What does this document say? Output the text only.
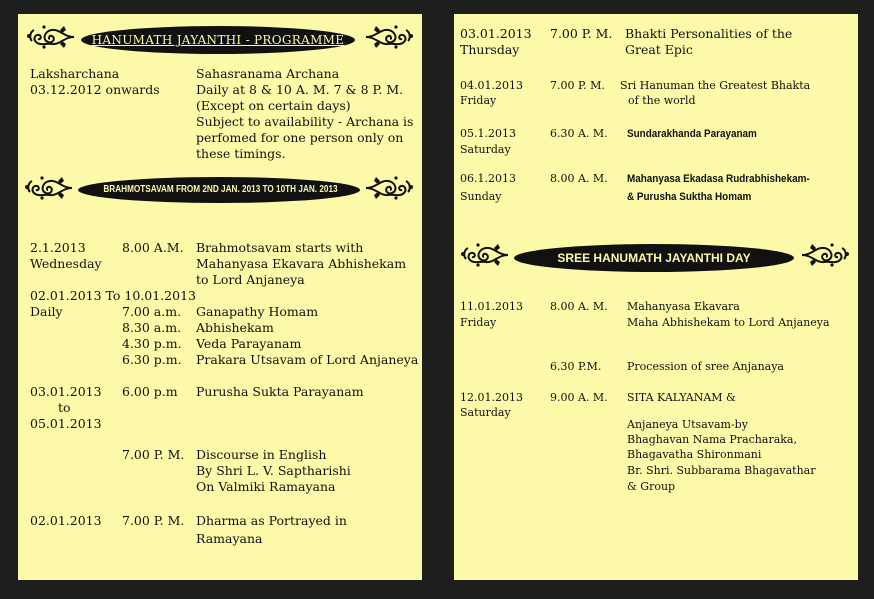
HANUMATH JAYANTHI - PROGRAMME
Laksharchana
03.12.2012 onwards
Sahasranama Archana
Daily at 8 & 10 A. M. 7 & 8 P. M.
(Except on certain days)
Subject to availability - Archana is
perfomed for one person only on
these timings.
BRAHMOTSAVAM FROM 2ND JAN. 2013 TO 10TH JAN. 2013
2.1.2013
Wednesday
8.00 A.M. Brahmotsavam starts with
Mahanyasa Ekavara Abhishekam
to Lord Anjaneya
02.01.2013 To 10.01.2013
Daily	7.00 a.m. Ganapathy Homam
8.30 a.m. Abhishekam
4.30 p.m. Veda Parayanam
6.30 p.m. Prakara Utsavam of Lord Anjaneya
03.01.2013
to
05.01.2013
6.00 p.m Purusha Sukta Parayanam
7.00 P. M. Discourse in English
By Shri L. V. Saptharishi
On Valmiki Ramayana
02.01.2013 7.00 P. M. Dharma as Portrayed in
Ramayana
03.01.2013
Thursday
7.00 P. M. Bhakti Personalities of the
Great Epic
04.01.2013
Friday
7.00 P. M. Sri Hanuman the Greatest Bhakta
of the world
05.1.2013
Saturday
6.30 A. M. Sundarakhanda Parayanam
06.1.2013
Sunday
8.00 A. M. Mahanyasa Ekadasa Rudrabhishekam-
& Purusha Suktha Homam
SREE HANUMATH JAYANTHI DAY
11.01.2013
Friday
8.00 A. M. Mahanyasa Ekavara
Maha Abhishekam to Lord Anjaneya
6.30 P.M. Procession of sree Anjanaya
12.01.2013
Saturday
9.00 A. M. SITA KALYANAM &
Anjaneya Utsavam-by
Bhaghavan Nama Pracharaka,
Bhagavatha Shironmani
Br. Shri. Subbarama Bhagavathar
& Group
